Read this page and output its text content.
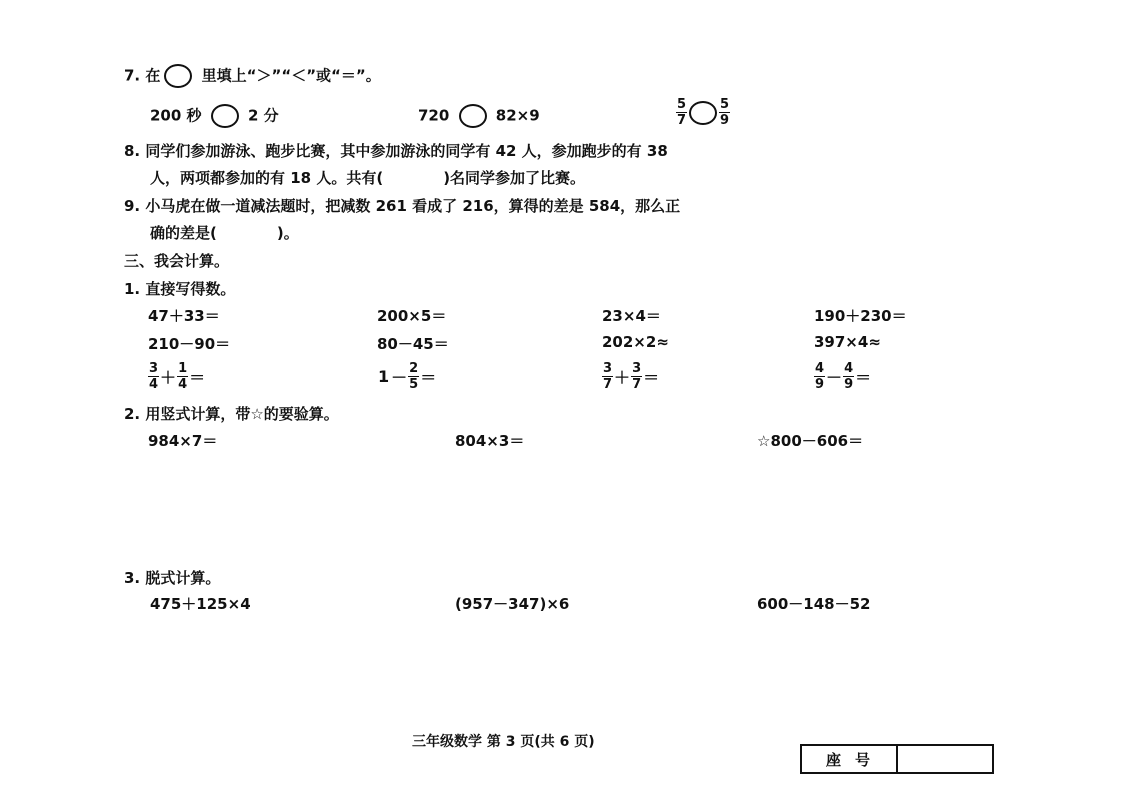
7. 在 里填上“＞”“＜”或“＝”。
200 秒	2 分	720	82×9	$\frac{5}{7} \frac{5}{9}$
8. 同学们参加游泳、跑步比赛，其中参加游泳的同学有 42 人，参加跑步的有 38
人，两项都参加的有 18 人。共有(	)名同学参加了比赛。
9. 小马虎在做一道减法题时，把减数 261 看成了 216，算得的差是 584，那么正
确的差是(	)。
三、我会计算。
1. 直接写得数。
47＋33＝	200×5＝	23×4＝	190＋230＝
210－90＝	80－45＝	202×2≈	397×4≈
$\frac{3}{4} + \frac{1}{4}$ ＝	$1 - \frac{2}{5}$ ＝	$\frac{3}{7} + \frac{3}{7}$ ＝	$\frac{4}{9} - \frac{4}{9}$ ＝
2. 用竖式计算，带☆的要验算。
984×7＝	804×3＝	☆800－606＝
3. 脱式计算。
475＋125×4	(957－347)×6	600－148－52
三年级数学 第 3 页(共 6 页)
座号
